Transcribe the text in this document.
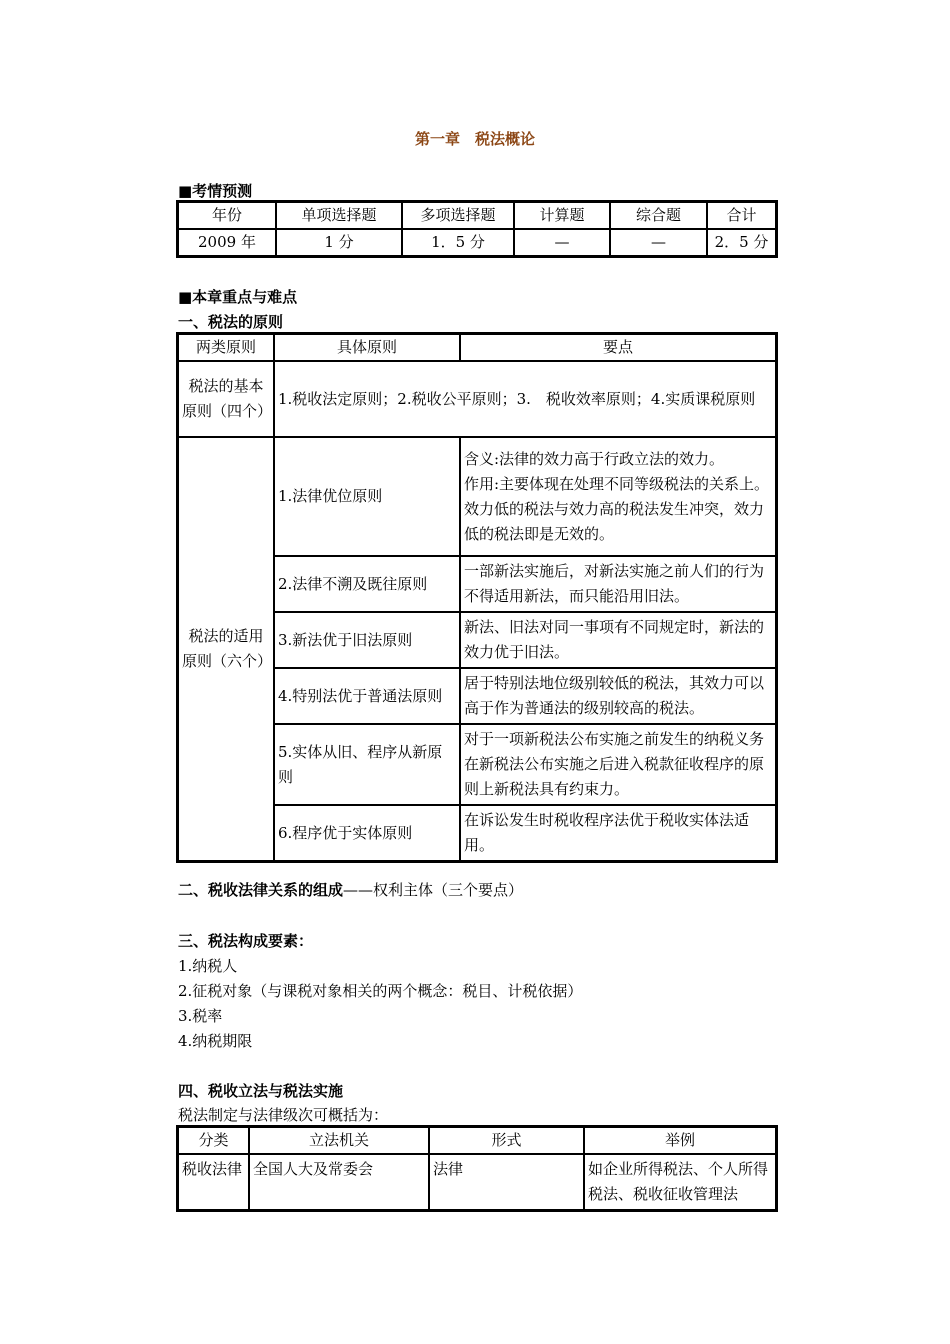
第一章　税法概论
■考情预测
年份	单项选择题	多项选择题	计算题	综合题	合计
2009 年	1 分	1．5 分	—	—	2．5 分
■本章重点与难点
一、税法的原则
两类原则	具体原则	要点
税法的基本原则（四个）	1.税收法定原则；2.税收公平原则；3.　税收效率原则；4.实质课税原则	
税法的适用原则（六个）	1.法律优位原则	含义:法律的效力高于行政立法的效力。
作用:主要体现在处理不同等级税法的关系上。
效力低的税法与效力高的税法发生冲突，效力低的税法即是无效的。

	2.法律不溯及既往原则	一部新法实施后，对新法实施之前人们的行为不得适用新法，而只能沿用旧法。
	3.新法优于旧法原则	新法、旧法对同一事项有不同规定时，新法的效力优于旧法。
	4.特别法优于普通法原则	居于特别法地位级别较低的税法，其效力可以高于作为普通法的级别较高的税法。
	5.实体从旧、程序从新原则	对于一项新税法公布实施之前发生的纳税义务在新税法公布实施之后进入税款征收程序的原则上新税法具有约束力。
	6.程序优于实体原则	在诉讼发生时税收程序法优于税收实体法适用。
二、税收法律关系的组成——权利主体（三个要点）
三、税法构成要素：
1.纳税人
2.征税对象（与课税对象相关的两个概念：税目、计税依据）
3.税率
4.纳税期限
四、税收立法与税法实施
税法制定与法律级次可概括为：
分类	立法机关	形式	举例
税收法律	全国人大及常委会	法律	如企业所得税法、个人所得税法、税收征收管理法
